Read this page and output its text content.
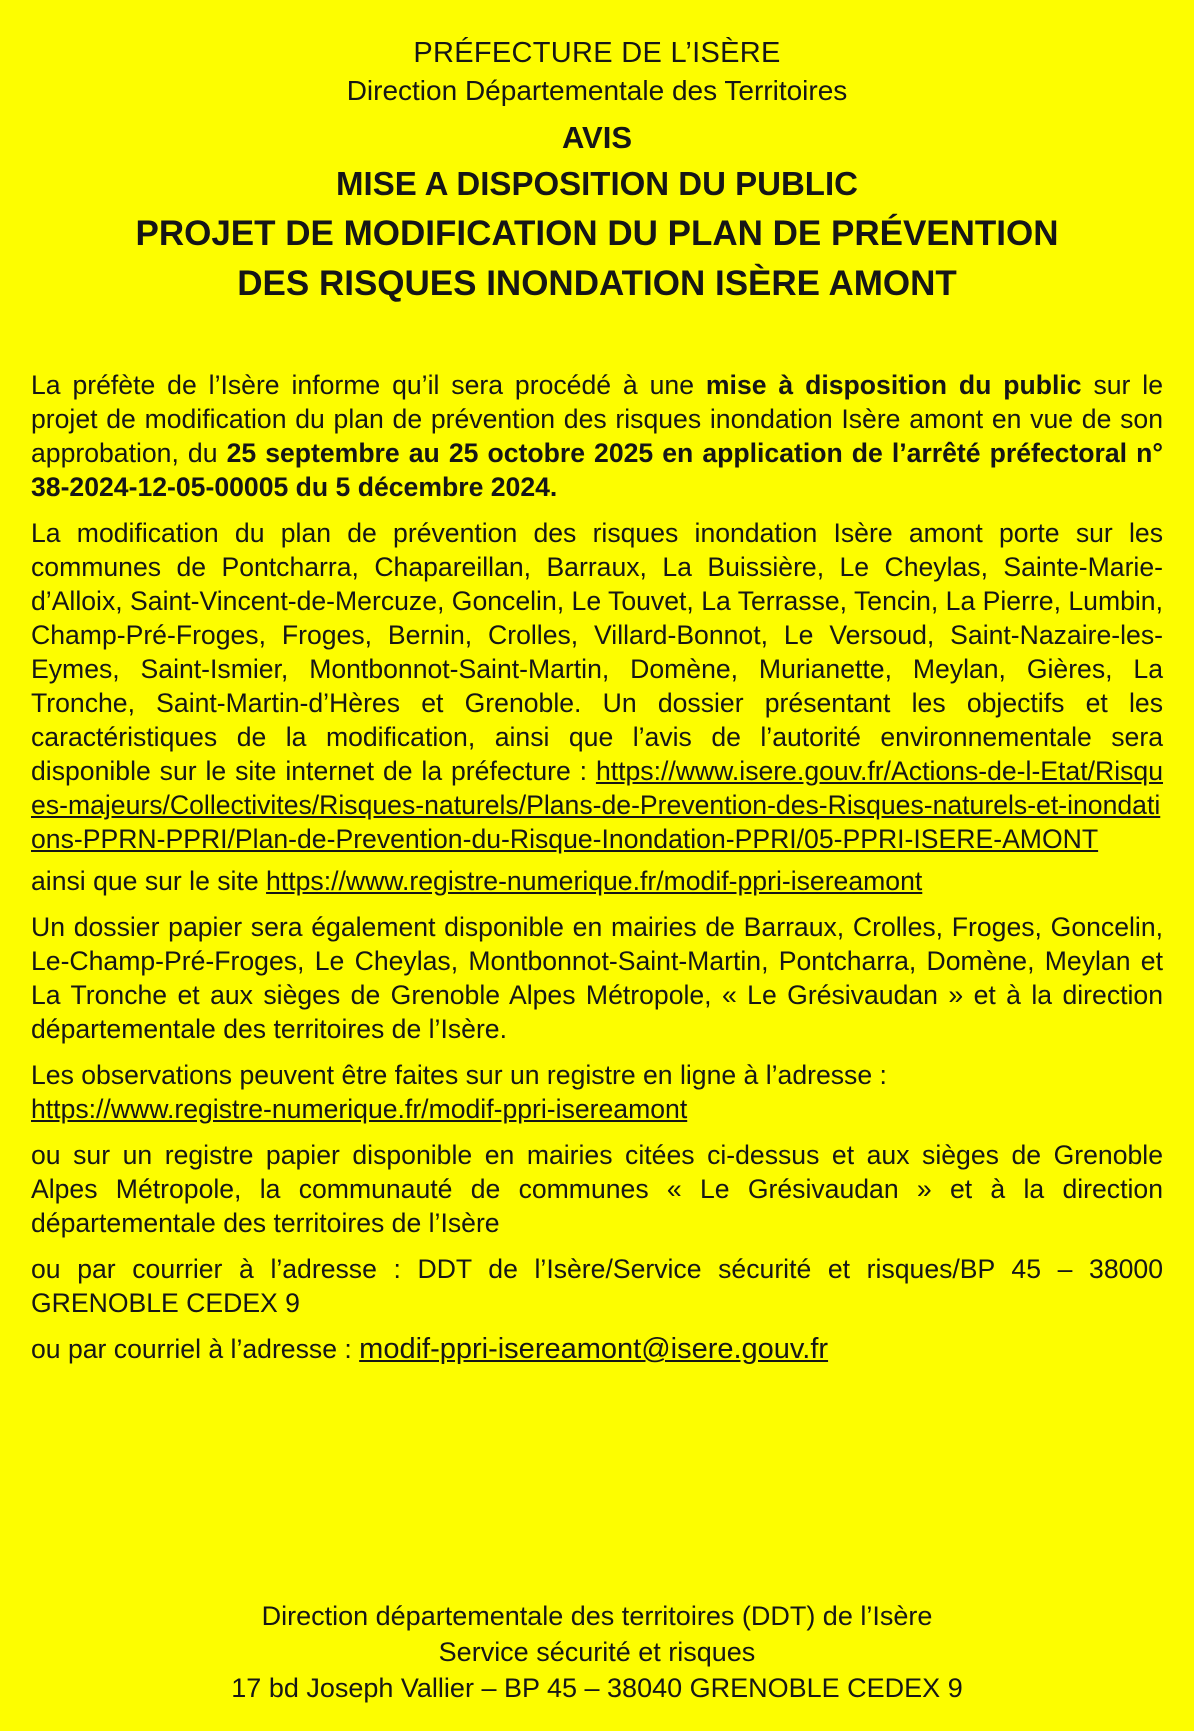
PRÉFECTURE DE L’ISÈRE
Direction Départementale des Territoires
AVIS
MISE A DISPOSITION DU PUBLIC
PROJET DE MODIFICATION DU PLAN DE PRÉVENTION
DES RISQUES INONDATION ISÈRE AMONT

La préfète de l’Isère informe qu’il sera procédé à une mise à disposition du public sur le projet de modification du plan de prévention des risques inondation Isère amont en vue de son approbation, du 25 septembre au 25 octobre 2025 en application de l’arrêté préfectoral n° 38-2024-12-05-00005 du 5 décembre 2024.

La modification du plan de prévention des risques inondation Isère amont porte sur les communes de Pontcharra, Chapareillan, Barraux, La Buissière, Le Cheylas, Sainte-Marie-d’Alloix, Saint-Vincent-de-Mercuze, Goncelin, Le Touvet, La Terrasse, Tencin, La Pierre, Lumbin, Champ-Pré-Froges, Froges, Bernin, Crolles, Villard-Bonnot, Le Versoud, Saint-Nazaire-les-Eymes, Saint-Ismier, Montbonnot-Saint-Martin, Domène, Murianette, Meylan, Gières, La Tronche, Saint-Martin-d’Hères et Grenoble. Un dossier présentant les objectifs et les caractéristiques de la modification, ainsi que l’avis de l’autorité environnementale sera disponible sur le site internet de la préfecture : https://www.isere.gouv.fr/Actions-de-l-Etat/Risques-majeurs/Collectivites/Risques-naturels/Plans-de-Prevention-des-Risques-naturels-et-inondations-PPRN-PPRI/Plan-de-Prevention-du-Risque-Inondation-PPRI/05-PPRI-ISERE-AMONT

ainsi que sur le site https://www.registre-numerique.fr/modif-ppri-isereamont

Un dossier papier sera également disponible en mairies de Barraux, Crolles, Froges, Goncelin, Le-Champ-Pré-Froges, Le Cheylas, Montbonnot-Saint-Martin, Pontcharra, Domène, Meylan et La Tronche et aux sièges de Grenoble Alpes Métropole, « Le Grésivaudan » et à la direction départementale des territoires de l’Isère.

Les observations peuvent être faites sur un registre en ligne à l’adresse :
https://www.registre-numerique.fr/modif-ppri-isereamont

ou sur un registre papier disponible en mairies citées ci-dessus et aux sièges de Grenoble Alpes Métropole, la communauté de communes « Le Grésivaudan » et à la direction départementale des territoires de l’Isère

ou par courrier à l’adresse : DDT de l’Isère/Service sécurité et risques/BP 45 – 38000 GRENOBLE CEDEX 9

ou par courriel à l’adresse : modif-ppri-isereamont@isere.gouv.fr

Direction départementale des territoires (DDT) de l’Isère
Service sécurité et risques
17 bd Joseph Vallier – BP 45 – 38040 GRENOBLE CEDEX 9
